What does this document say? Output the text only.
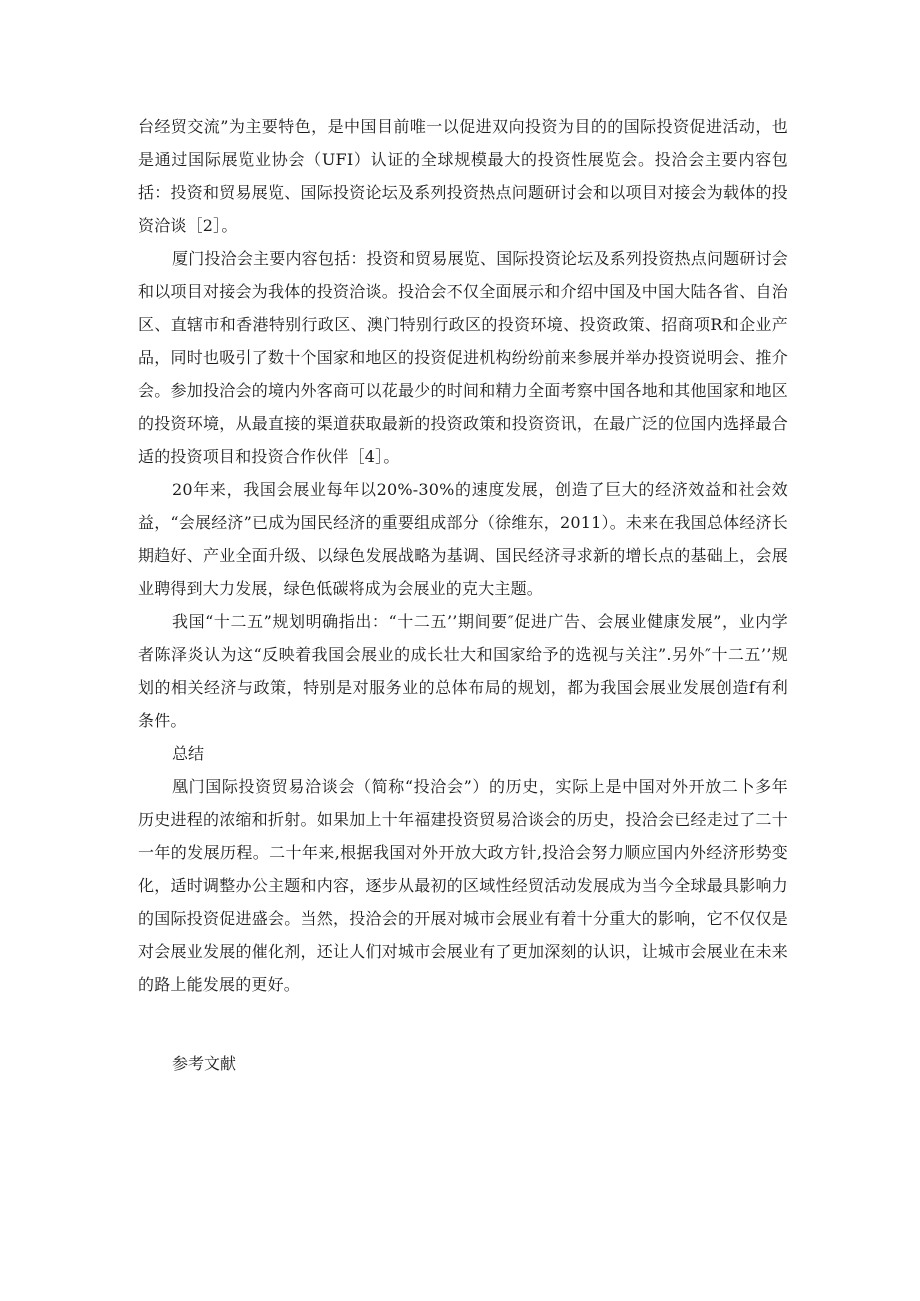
台经贸交流”为主要特色，是中国目前唯一以促进双向投资为目的的国际投资促进活动，也是通过国际展览业协会（UFI）认证的全球规模最大的投资性展览会。投洽会主要内容包括：投资和贸易展览、国际投资论坛及系列投资热点问题研讨会和以项目对接会为载体的投资洽谈［2］。

厦门投洽会主要内容包括：投资和贸易展览、国际投资论坛及系列投资热点问题研讨会和以项目对接会为我体的投资洽谈。投洽会不仅全面展示和介绍中国及中国大陆各省、自治区、直辖市和香港特别行政区、澳门特别行政区的投资环境、投资政策、招商项R和企业产品，同时也吸引了数十个国家和地区的投资促进机构纷纷前来参展并举办投资说明会、推介会。参加投洽会的境内外客商可以花最少的时间和精力全面考察中国各地和其他国家和地区的投资环境，从最直接的渠道获取最新的投资政策和投资资讯，在最广泛的位国内选择最合适的投资项目和投资合作伙伴［4］。

20年来，我国会展业每年以20%-30%的速度发展，创造了巨大的经济效益和社会效益，“会展经济”已成为国民经济的重要组成部分（徐维东，2011）。未来在我国总体经济长期趋好、产业全面升级、以绿色发展战略为基调、国民经济寻求新的增长点的基础上，会展业聘得到大力发展，绿色低碳将成为会展业的克大主题。

我国“十二五”规划明确指出：“十二五’’期间要″促进广告、会展业健康发展”，业内学者陈泽炎认为这“反映着我国会展业的成长壮大和国家给予的选视与关注”.另外″十二五’’规划的相关经济与政策，特别是对服务业的总体布局的规划，都为我国会展业发展创造f有利条件。

总结

凰门国际投资贸易洽谈会（简称“投洽会”）的历史，实际上是中国对外开放二卜多年历史进程的浓缩和折射。如果加上十年福建投资贸易洽谈会的历史，投洽会已经走过了二十一年的发展历程。二十年来,根据我国对外开放大政方针,投洽会努力顺应国内外经济形势变化，适时调整办公主题和内容，逐步从最初的区域性经贸活动发展成为当今全球最具影响力的国际投资促进盛会。当然，投洽会的开展对城市会展业有着十分重大的影响，它不仅仅是对会展业发展的催化剂，还让人们对城市会展业有了更加深刻的认识，让城市会展业在未来的路上能发展的更好。

参考文献
